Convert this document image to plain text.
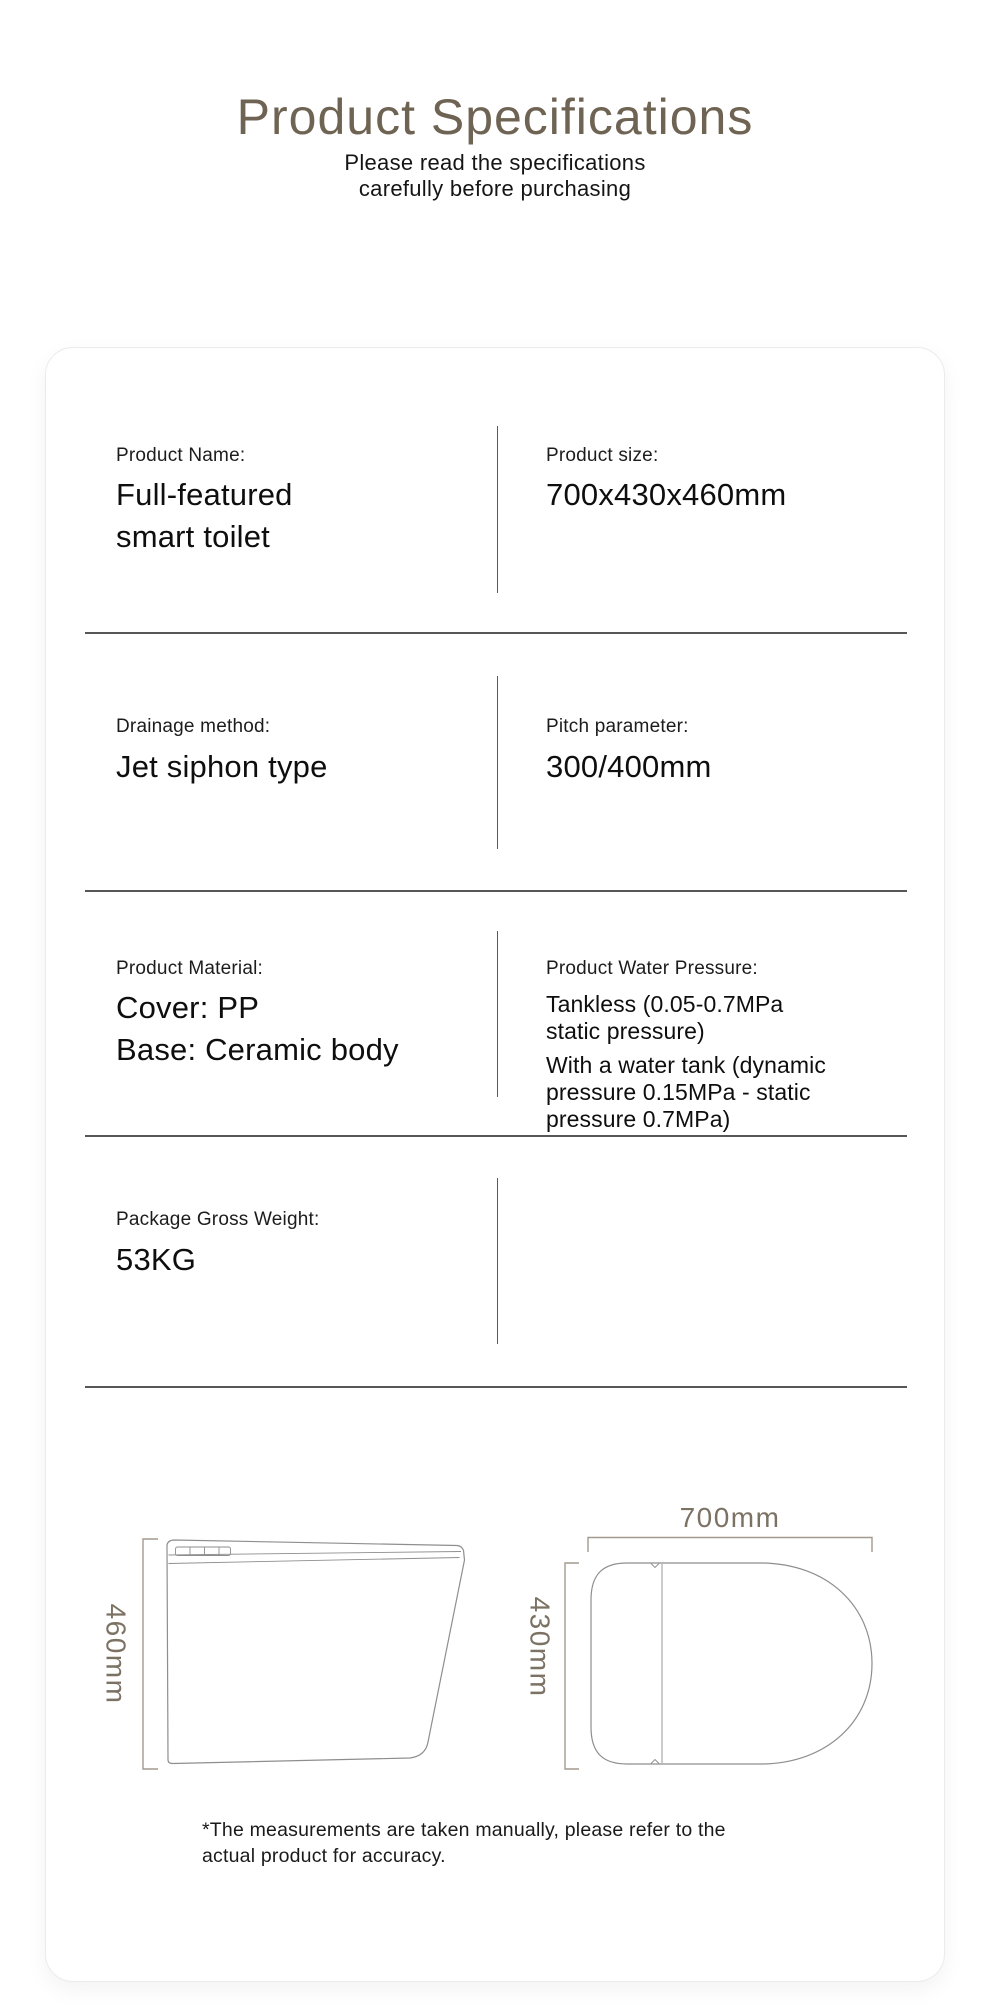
Product Specifications
Please read the specifications
carefully before purchasing
Product Name:
Full-featured
smart toilet
Product size:
700x430x460mm
Drainage method:
Jet siphon type
Pitch parameter:
300/400mm
Product Material:
Cover: PP
Base: Ceramic body
Product Water Pressure:
Tankless (0.05-0.7MPa
static pressure)
With a water tank (dynamic
pressure 0.15MPa - static
pressure 0.7MPa)
Package Gross Weight:
53KG
460mm
700mm
430mm
*The measurements are taken manually, please refer to the
actual product for accuracy.
